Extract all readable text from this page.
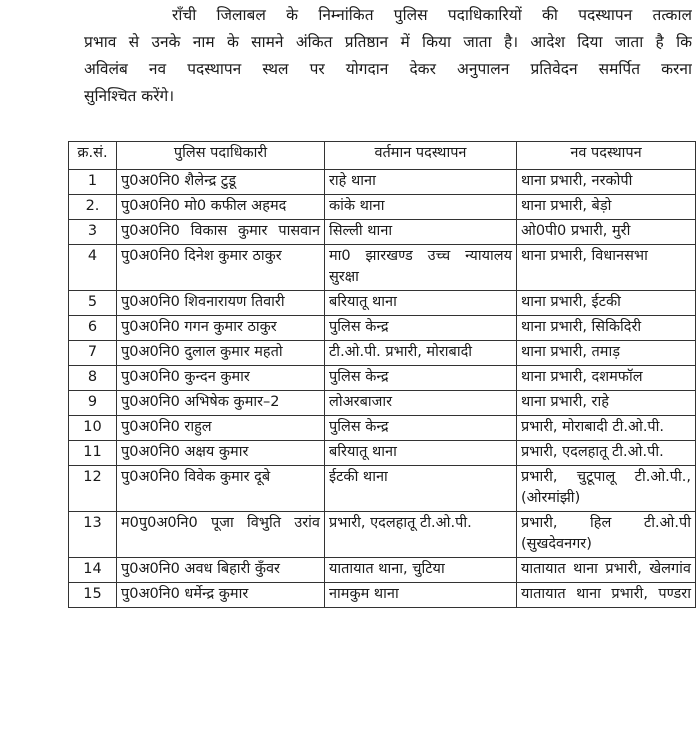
राँची जिलाबल के निम्नांकित पुलिस पदाधिकारियों की पदस्थापन तत्काल
प्रभाव से उनके नाम के सामने अंकित प्रतिष्ठान में किया जाता है। आदेश दिया जाता है कि
अविलंब नव पदस्थापन स्थल पर योगदान देकर अनुपालन प्रतिवेदन समर्पित करना
सुनिश्चित करेंगे।
क्र.सं.	पुलिस पदाधिकारी	वर्तमान पदस्थापन	नव पदस्थापन
1	पु0अ0नि0 शैलेन्द्र टुडू	राहे थाना	थाना प्रभारी, नरकोपी
2.	पु0अ0नि0 मो0 कफील अहमद	कांके थाना	थाना प्रभारी, बेड़ो
3	पु0अ0नि0 विकास कुमार पासवान	सिल्ली थाना	ओ0पी0 प्रभारी, मुरी
4	पु0अ0नि0 दिनेश कुमार ठाकुर	मा0 झारखण्ड उच्च न्यायालय सुरक्षा	थाना प्रभारी, विधानसभा
5	पु0अ0नि0 शिवनारायण तिवारी	बरियातू थाना	थाना प्रभारी, ईटकी
6	पु0अ0नि0 गगन कुमार ठाकुर	पुलिस केन्द्र	थाना प्रभारी, सिकिदिरी
7	पु0अ0नि0 दुलाल कुमार महतो	टी.ओ.पी. प्रभारी, मोराबादी	थाना प्रभारी, तमाड़
8	पु0अ0नि0 कुन्दन कुमार	पुलिस केन्द्र	थाना प्रभारी, दशमफॉल
9	पु0अ0नि0 अभिषेक कुमार–2	लोअरबाजार	थाना प्रभारी, राहे
10	पु0अ0नि0 राहुल	पुलिस केन्द्र	प्रभारी, मोराबादी टी.ओ.पी.
11	पु0अ0नि0 अक्षय कुमार	बरियातू थाना	प्रभारी, एदलहातू टी.ओ.पी.
12	पु0अ0नि0 विवेक कुमार दूबे	ईटकी थाना	प्रभारी, चुटूपालू टी.ओ.पी., (ओरमांझी)

13	म0पु0अ0नि0 पूजा विभुति उरांव	प्रभारी, एदलहातू टी.ओ.पी.	प्रभारी, हिल टी.ओ.पी (सुखदेवनगर)

14	पु0अ0नि0 अवध बिहारी कुँवर	यातायात थाना, चुटिया	यातायात थाना प्रभारी, खेलगांव

15	पु0अ0नि0 धर्मेन्द्र कुमार	नामकुम थाना	यातायात थाना प्रभारी, पण्डरा
